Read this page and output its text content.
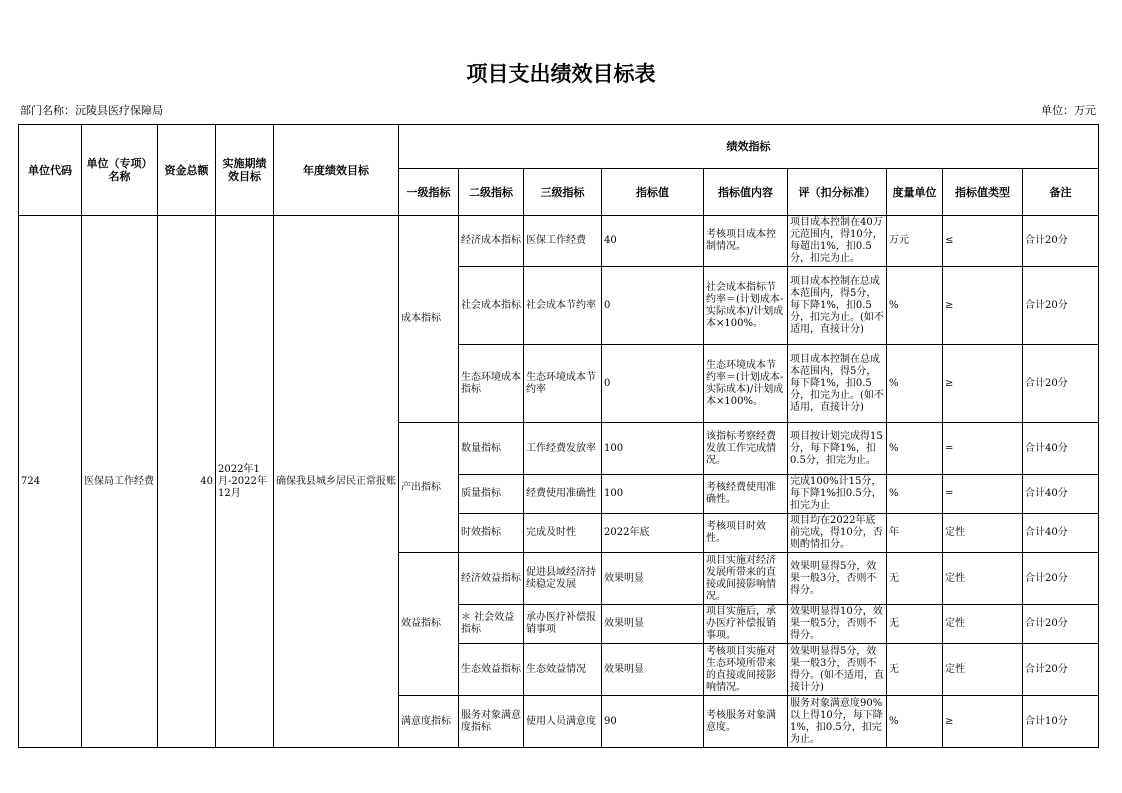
项目支出绩效目标表
部门名称：沅陵县医疗保障局	单位：万元
单位代码	单位（专项）名称	资金总额	实施期绩效目标	年度绩效目标	绩效指标								
					一级指标	二级指标	三级指标	指标值	指标值内容	评（扣分标准）	度量单位	指标值类型	备注
724	医保局工作经费	40	2022年1月-2022年12月	确保我县城乡居民正常报账	成本指标	经济成本指标	医保工作经费	40	考核项目成本控制情况。	项目成本控制在40万元范围内，得10分，每超出1%，扣0.5分，扣完为止。	万元	≤	合计20分
						社会成本指标	社会成本节约率	0	社会成本指标节约率＝(计划成本-实际成本)/计划成本×100%。	项目成本控制在总成本范围内，得5分，每下降1%，扣0.5分，扣完为止。(如不适用，直接计分)	%	≥	合计20分
						生态环境成本指标	生态环境成本节约率	0	生态环境成本节约率＝(计划成本-实际成本)/计划成本×100%。	项目成本控制在总成本范围内，得5分，每下降1%，扣0.5分，扣完为止。(如不适用，直接计分)	%	≥	合计20分
					产出指标	数量指标	工作经费发放率	100	该指标考察经费发放工作完成情况。	项目按计划完成得15分，每下降1%，扣0.5分，扣完为止。	%	=	合计40分
						质量指标	经费使用准确性	100	考核经费使用准确性。	完成100%计15分，每下降1%扣0.5分，扣完为止	%	=	合计40分
						时效指标	完成及时性	2022年底	考核项目时效性。	项目均在2022年底前完成，得10分，否则酌情扣分。	年	定性	合计40分
					效益指标	经济效益指标	促进县域经济持续稳定发展	效果明显	项目实施对经济发展所带来的直接或间接影响情况。	效果明显得5分，效果一般3分，否则不得分。	无	定性	合计20分
						＊ 社会效益指标	承办医疗补偿报销事项	效果明显	项目实施后，承办医疗补偿报销事项。	效果明显得10分，效果一般5分，否则不得分。	无	定性	合计20分
						生态效益指标	生态效益情况	效果明显	考核项目实施对生态环境所带来的直接或间接影响情况。	效果明显得5分，效果一般3分，否则不得分。(如不适用，直接计分)	无	定性	合计20分
					满意度指标	服务对象满意度指标	使用人员满意度	90	考核服务对象满意度。	服务对象满意度90%以上得10分，每下降1%，扣0.5分，扣完为止。	%	≥	合计10分
